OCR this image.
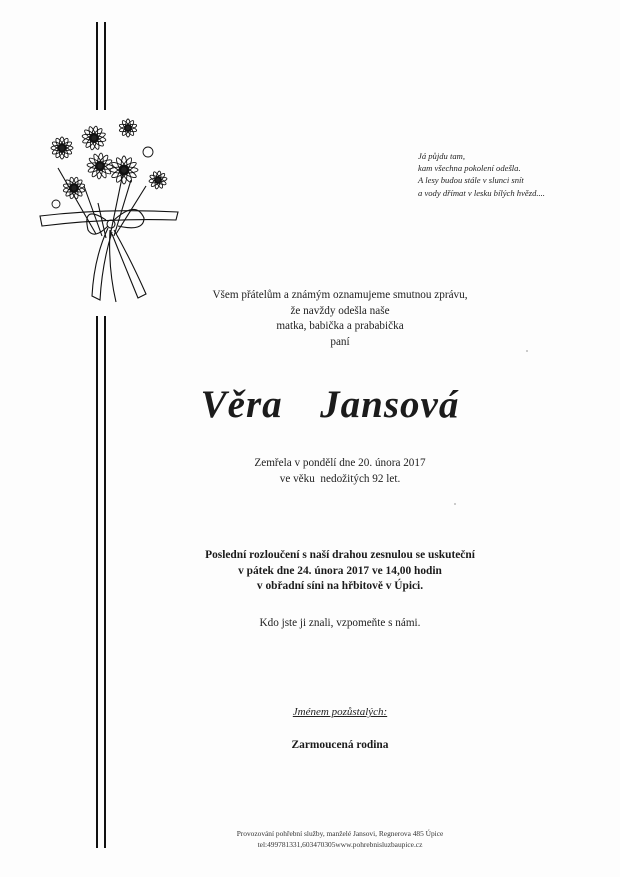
Já půjdu tam,
kam všechna pokolení odešla.
A lesy budou stále v slunci snít
a vody dřímat v lesku bílých hvězd....
Všem přátelům a známým oznamujeme smutnou zprávu,
že navždy odešla naše
matka, babička a prababička
paní
Věra  Jansová
Zemřela v pondělí dne 20. února 2017
ve věku  nedožitých 92 let.
Poslední rozloučení s naší drahou zesnulou se uskuteční
v pátek dne 24. února 2017 ve 14,00 hodin
v obřadní síni na hřbitově v Úpici.
Kdo jste ji znali, vzpomeňte s námi.
Jménem pozůstalých:
Zarmoucená rodina
Provozování pohřební služby, manželé Jansovi, Regnerova 485 Úpice
tel:499781331,603470305www.pohrebnisluzbaupice.cz
